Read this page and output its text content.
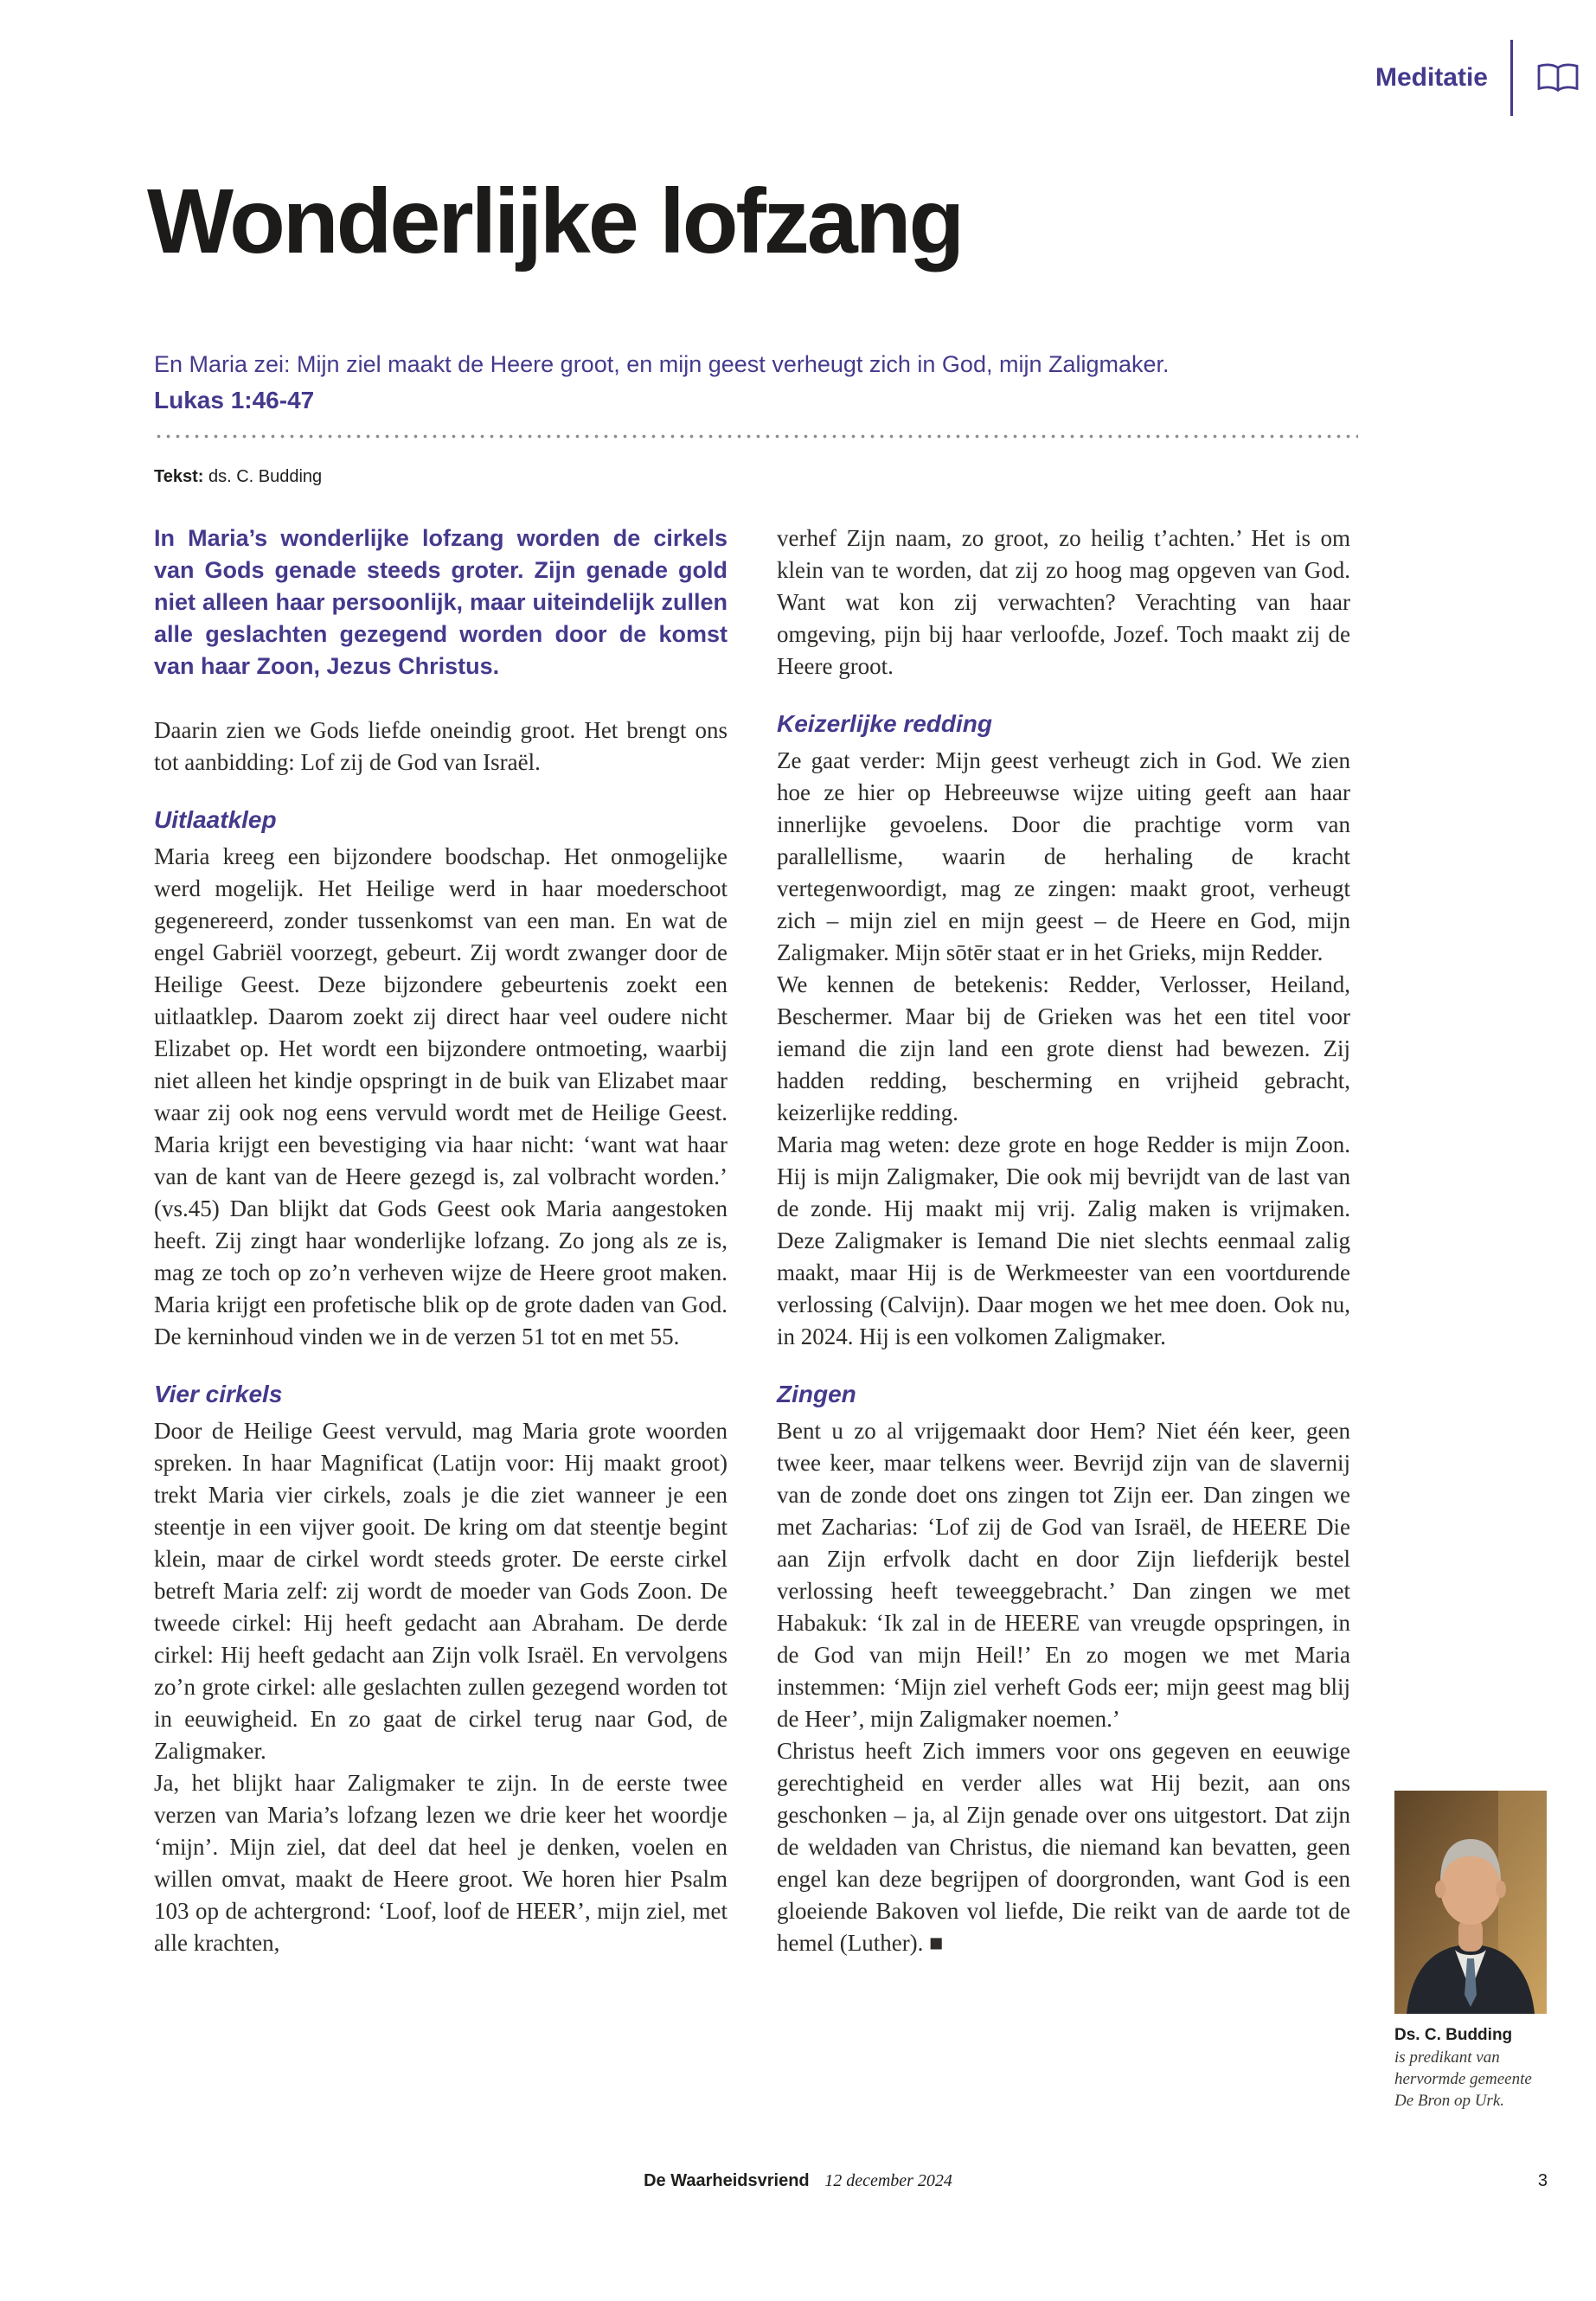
Meditatie
Wonderlijke lofzang
En Maria zei: Mijn ziel maakt de Heere groot, en mijn geest verheugt zich in God, mijn Zaligmaker.
Lukas 1:46-47
Tekst: ds. C. Budding

In Maria’s wonderlijke lofzang worden de cirkels van Gods genade steeds groter. Zijn genade gold niet alleen haar persoonlijk, maar uiteindelijk zullen alle geslachten gezegend worden door de komst van haar Zoon, Jezus Christus.

Daarin zien we Gods liefde oneindig groot. Het brengt ons tot aanbidding: Lof zij de God van Israël.

Uitlaatklep

Maria kreeg een bijzondere boodschap. Het onmogelijke werd mogelijk. Het Heilige werd in haar moederschoot gegenereerd, zonder tussenkomst van een man. En wat de engel Gabriël voorzegt, gebeurt. Zij wordt zwanger door de Heilige Geest. Deze bijzondere gebeurtenis zoekt een uitlaatklep. Daarom zoekt zij direct haar veel oudere nicht Elizabet op. Het wordt een bijzondere ontmoeting, waarbij niet alleen het kindje opspringt in de buik van Elizabet maar waar zij ook nog eens vervuld wordt met de Heilige Geest. Maria krijgt een bevestiging via haar nicht: ‘want wat haar van de kant van de Heere gezegd is, zal volbracht worden.’ (vs.45) Dan blijkt dat Gods Geest ook Maria aangestoken heeft. Zij zingt haar wonderlijke lofzang. Zo jong als ze is, mag ze toch op zo’n verheven wijze de Heere groot maken. Maria krijgt een profetische blik op de grote daden van God. De kerninhoud vinden we in de verzen 51 tot en met 55.

Vier cirkels

Door de Heilige Geest vervuld, mag Maria grote woorden spreken. In haar Magnificat (Latijn voor: Hij maakt groot) trekt Maria vier cirkels, zoals je die ziet wanneer je een steentje in een vijver gooit. De kring om dat steentje begint klein, maar de cirkel wordt steeds groter. De eerste cirkel betreft Maria zelf: zij wordt de moeder van Gods Zoon. De tweede cirkel: Hij heeft gedacht aan Abraham. De derde cirkel: Hij heeft gedacht aan Zijn volk Israël. En vervolgens zo’n grote cirkel: alle geslachten zullen gezegend worden tot in eeuwigheid. En zo gaat de cirkel terug naar God, de Zaligmaker.

Ja, het blijkt haar Zaligmaker te zijn. In de eerste twee verzen van Maria’s lofzang lezen we drie keer het woordje ‘mijn’. Mijn ziel, dat deel dat heel je denken, voelen en willen omvat, maakt de Heere groot. We horen hier Psalm 103 op de achtergrond: ‘Loof, loof de HEER’, mijn ziel, met alle krachten,

verhef Zijn naam, zo groot, zo heilig t’achten.’ Het is om klein van te worden, dat zij zo hoog mag opgeven van God. Want wat kon zij verwachten? Verachting van haar omgeving, pijn bij haar verloofde, Jozef. Toch maakt zij de Heere groot.

Keizerlijke redding

Ze gaat verder: Mijn geest verheugt zich in God. We zien hoe ze hier op Hebreeuwse wijze uiting geeft aan haar innerlijke gevoelens. Door die prachtige vorm van parallellisme, waarin de herhaling de kracht vertegenwoordigt, mag ze zingen: maakt groot, verheugt zich – mijn ziel en mijn geest – de Heere en God, mijn Zaligmaker. Mijn sōtēr staat er in het Grieks, mijn Redder.

We kennen de betekenis: Redder, Verlosser, Heiland, Beschermer. Maar bij de Grieken was het een titel voor iemand die zijn land een grote dienst had bewezen. Zij hadden redding, bescherming en vrijheid gebracht, keizerlijke redding.

Maria mag weten: deze grote en hoge Redder is mijn Zoon. Hij is mijn Zaligmaker, Die ook mij bevrijdt van de last van de zonde. Hij maakt mij vrij. Zalig maken is vrijmaken. Deze Zaligmaker is Iemand Die niet slechts eenmaal zalig maakt, maar Hij is de Werkmeester van een voortdurende verlossing (Calvijn). Daar mogen we het mee doen. Ook nu, in 2024. Hij is een volkomen Zaligmaker.

Zingen

Bent u zo al vrijgemaakt door Hem? Niet één keer, geen twee keer, maar telkens weer. Bevrijd zijn van de slavernij van de zonde doet ons zingen tot Zijn eer. Dan zingen we met Zacharias: ‘Lof zij de God van Israël, de HEERE Die aan Zijn erfvolk dacht en door Zijn liefderijk bestel verlossing heeft teweeggebracht.’ Dan zingen we met Habakuk: ‘Ik zal in de HEERE van vreugde opspringen, in de God van mijn Heil!’ En zo mogen we met Maria instemmen: ‘Mijn ziel verheft Gods eer; mijn geest mag blij de Heer’, mijn Zaligmaker noemen.’

Christus heeft Zich immers voor ons gegeven en eeuwige gerechtigheid en verder alles wat Hij bezit, aan ons geschonken – ja, al Zijn genade over ons uitgestort. Dat zijn de weldaden van Christus, die niemand kan bevatten, geen engel kan deze begrijpen of doorgronden, want God is een gloeiende Bakoven vol liefde, Die reikt van de aarde tot de hemel (Luther). ■

Ds. C. Budding
is predikant van hervormde gemeente De Bron op Urk.
De Waarheidsvriend 12 december 2024	3
